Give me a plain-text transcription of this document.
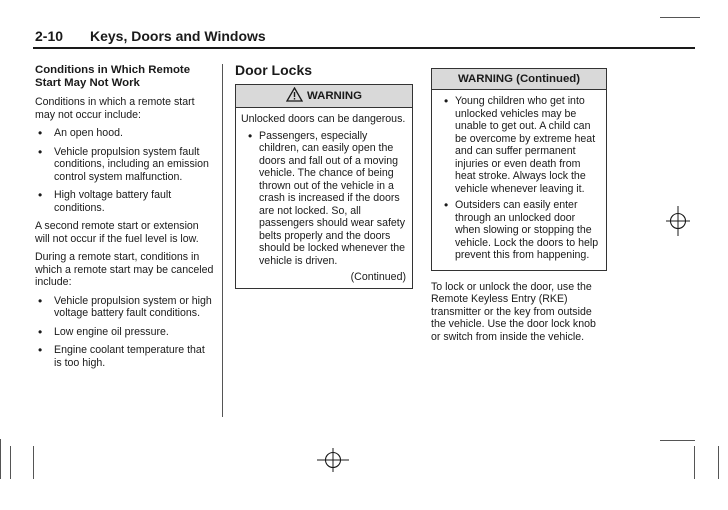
2-10 Keys, Doors and Windows
Conditions in Which Remote Start May Not Work

Conditions in which a remote start may not occur include:

• An open hood.
• Vehicle propulsion system fault conditions, including an emission control system malfunction.
• High voltage battery fault conditions.

A second remote start or extension will not occur if the fuel level is low.

During a remote start, conditions in which a remote start may be canceled include:

• Vehicle propulsion system or high voltage battery fault conditions.
• Low engine oil pressure.
• Engine coolant temperature that is too high.
Door Locks
WARNING

Unlocked doors can be dangerous.

• Passengers, especially children, can easily open the doors and fall out of a moving vehicle. The chance of being thrown out of the vehicle in a crash is increased if the doors are not locked. So, all passengers should wear safety belts properly and the doors should be locked whenever the vehicle is driven.
(Continued)
WARNING (Continued)
• Young children who get into unlocked vehicles may be unable to get out. A child can be overcome by extreme heat and can suffer permanent injuries or even death from heat stroke. Always lock the vehicle whenever leaving it.
• Outsiders can easily enter through an unlocked door when slowing or stopping the vehicle. Lock the doors to help prevent this from happening.

To lock or unlock the door, use the Remote Keyless Entry (RKE) transmitter or the key from outside the vehicle. Use the door lock knob or switch from inside the vehicle.
